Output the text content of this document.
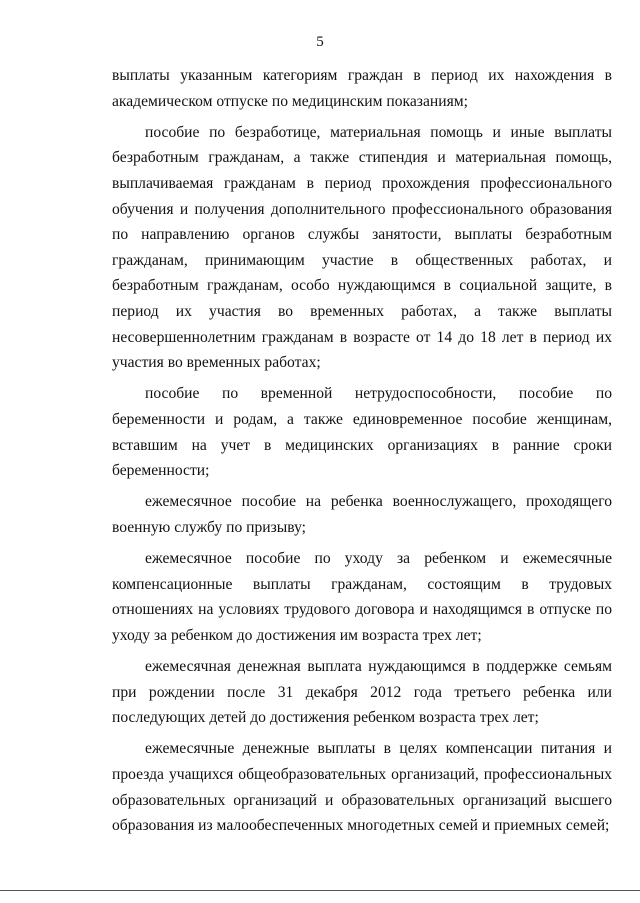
5

выплаты указанным категориям граждан в период их нахождения в академическом отпуске по медицинским показаниям;

пособие по безработице, материальная помощь и иные выплаты безработным гражданам, а также стипендия и материальная помощь, выплачиваемая гражданам в период прохождения профессионального обучения и получения дополнительного профессионального образования по направлению органов службы занятости, выплаты безработным гражданам, принимающим участие в общественных работах, и безработным гражданам, особо нуждающимся в социальной защите, в период их участия во временных работах, а также выплаты несовершеннолетним гражданам в возрасте от 14 до 18 лет в период их участия во временных работах;

пособие по временной нетрудоспособности, пособие по беременности и родам, а также единовременное пособие женщинам, вставшим на учет в медицинских организациях в ранние сроки беременности;

ежемесячное пособие на ребенка военнослужащего, проходящего военную службу по призыву;

ежемесячное пособие по уходу за ребенком и ежемесячные компенсационные выплаты гражданам, состоящим в трудовых отношениях на условиях трудового договора и находящимся в отпуске по уходу за ребенком до достижения им возраста трех лет;

ежемесячная денежная выплата нуждающимся в поддержке семьям при рождении после 31 декабря 2012 года третьего ребенка или последующих детей до достижения ребенком возраста трех лет;

ежемесячные денежные выплаты в целях компенсации питания и проезда учащихся общеобразовательных организаций, профессиональных образовательных организаций и образовательных организаций высшего образования из малообеспеченных многодетных семей и приемных семей;
